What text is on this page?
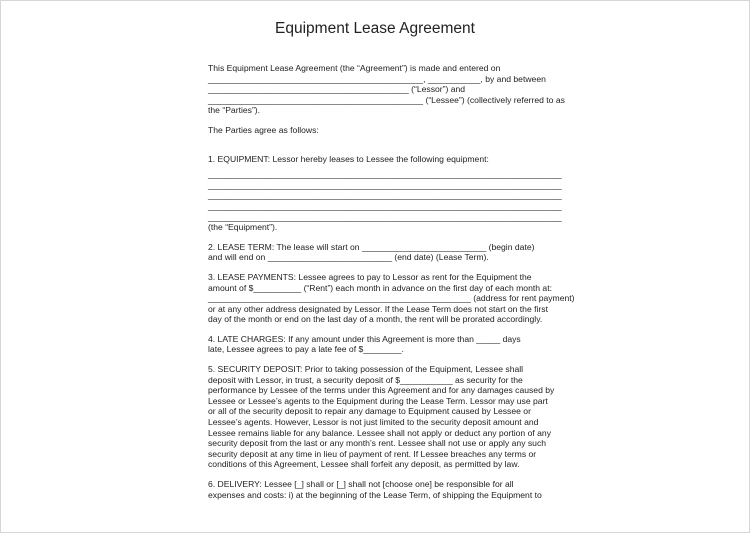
Equipment Lease Agreement
This Equipment Lease Agreement (the “Agreement”) is made and entered on
_____________________________________________, ___________, by and between
__________________________________________ (“Lessor”) and
_____________________________________________ (“Lessee”) (collectively referred to as
the “Parties”).
The Parties agree as follows:
1. EQUIPMENT: Lessor hereby leases to Lessee the following equipment:
__________________________________________________________________________
__________________________________________________________________________
__________________________________________________________________________
__________________________________________________________________________
__________________________________________________________________________
(the “Equipment”).
2. LEASE TERM: The lease will start on __________________________ (begin date)
and will end on __________________________ (end date) (Lease Term).
3. LEASE PAYMENTS: Lessee agrees to pay to Lessor as rent for the Equipment the
amount of $__________ (“Rent”) each month in advance on the first day of each month at:
_______________________________________________________ (address for rent payment)
or at any other address designated by Lessor. If the Lease Term does not start on the first
day of the month or end on the last day of a month, the rent will be prorated accordingly.
4. LATE CHARGES: If any amount under this Agreement is more than _____ days
late, Lessee agrees to pay a late fee of $________.
5. SECURITY DEPOSIT: Prior to taking possession of the Equipment, Lessee shall
deposit with Lessor, in trust, a security deposit of $___________ as security for the
performance by Lessee of the terms under this Agreement and for any damages caused by
Lessee or Lessee’s agents to the Equipment during the Lease Term. Lessor may use part
or all of the security deposit to repair any damage to Equipment caused by Lessee or
Lessee’s agents. However, Lessor is not just limited to the security deposit amount and
Lessee remains liable for any balance. Lessee shall not apply or deduct any portion of any
security deposit from the last or any month’s rent. Lessee shall not use or apply any such
security deposit at any time in lieu of payment of rent. If Lessee breaches any terms or
conditions of this Agreement, Lessee shall forfeit any deposit, as permitted by law.
6. DELIVERY: Lessee [_] shall or [_] shall not [choose one] be responsible for all
expenses and costs: i) at the beginning of the Lease Term, of shipping the Equipment to
